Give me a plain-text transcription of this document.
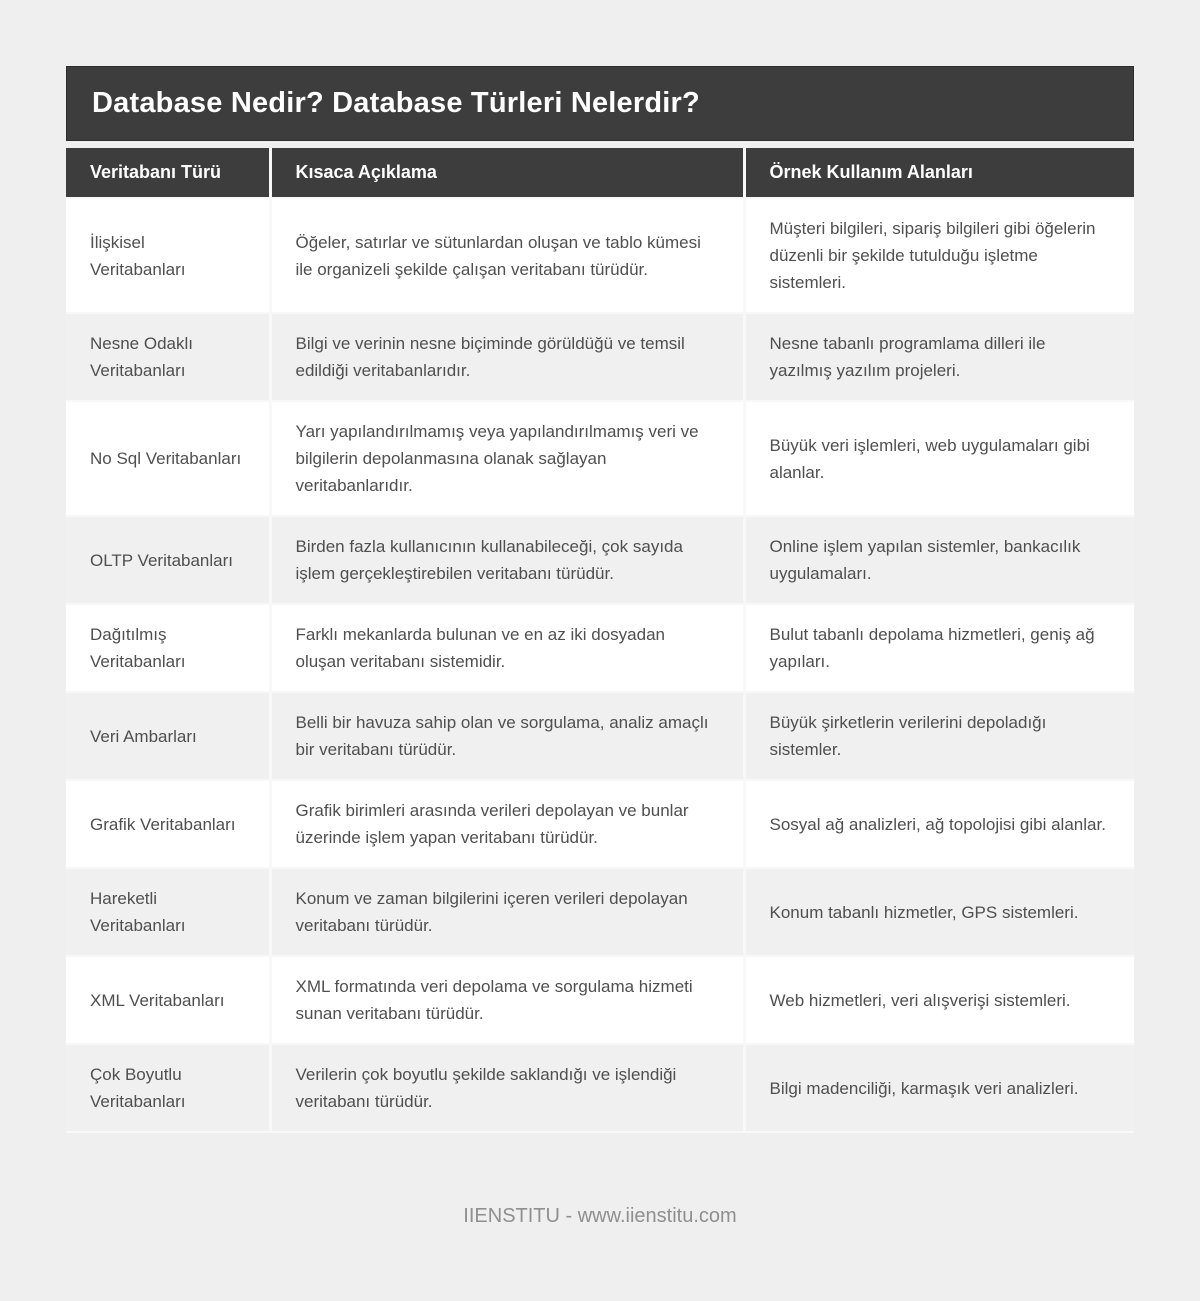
Database Nedir? Database Türleri Nelerdir?
Veritabanı Türü	Kısaca Açıklama	Örnek Kullanım Alanları
İlişkisel Veritabanları	Öğeler, satırlar ve sütunlardan oluşan ve tablo kümesi ile organizeli şekilde çalışan veritabanı türüdür.	Müşteri bilgileri, sipariş bilgileri gibi öğelerin düzenli bir şekilde tutulduğu işletme sistemleri.
Nesne Odaklı Veritabanları	Bilgi ve verinin nesne biçiminde görüldüğü ve temsil edildiği veritabanlarıdır.	Nesne tabanlı programlama dilleri ile yazılmış yazılım projeleri.
No Sql Veritabanları	Yarı yapılandırılmamış veya yapılandırılmamış veri ve bilgilerin depolanmasına olanak sağlayan veritabanlarıdır.	Büyük veri işlemleri, web uygulamaları gibi alanlar.
OLTP Veritabanları	Birden fazla kullanıcının kullanabileceği, çok sayıda işlem gerçekleştirebilen veritabanı türüdür.	Online işlem yapılan sistemler, bankacılık uygulamaları.
Dağıtılmış Veritabanları	Farklı mekanlarda bulunan ve en az iki dosyadan oluşan veritabanı sistemidir.	Bulut tabanlı depolama hizmetleri, geniş ağ yapıları.
Veri Ambarları	Belli bir havuza sahip olan ve sorgulama, analiz amaçlı bir veritabanı türüdür.	Büyük şirketlerin verilerini depoladığı sistemler.
Grafik Veritabanları	Grafik birimleri arasında verileri depolayan ve bunlar üzerinde işlem yapan veritabanı türüdür.	Sosyal ağ analizleri, ağ topolojisi gibi alanlar.
Hareketli Veritabanları	Konum ve zaman bilgilerini içeren verileri depolayan veritabanı türüdür.	Konum tabanlı hizmetler, GPS sistemleri.
XML Veritabanları	XML formatında veri depolama ve sorgulama hizmeti sunan veritabanı türüdür.	Web hizmetleri, veri alışverişi sistemleri.
Çok Boyutlu Veritabanları	Verilerin çok boyutlu şekilde saklandığı ve işlendiği veritabanı türüdür.	Bilgi madenciliği, karmaşık veri analizleri.
IIENSTITU - www.iienstitu.com
